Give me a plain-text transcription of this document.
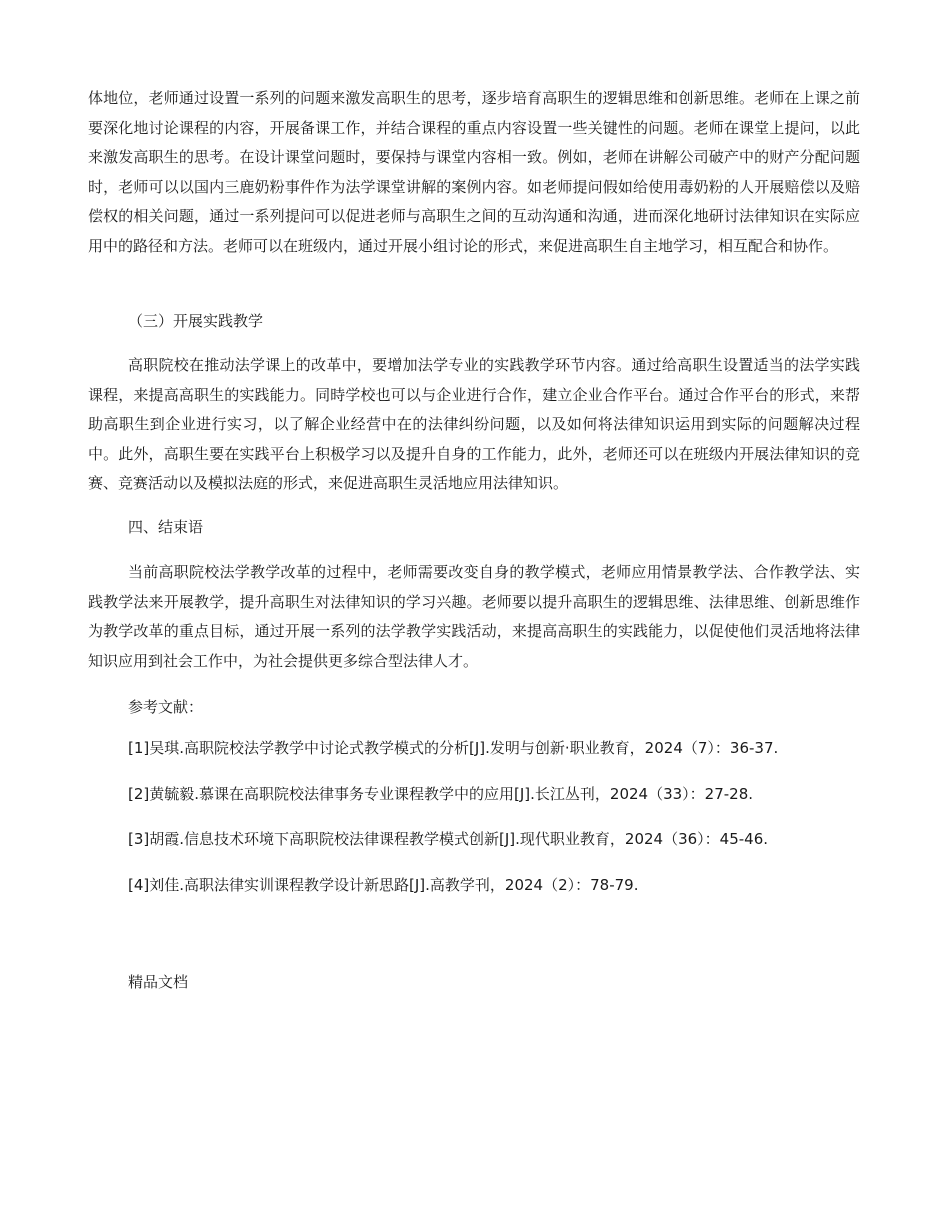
体地位，老师通过设置一系列的问题来激发高职生的思考，逐步培育高职生的逻辑思维和创新思维。老师在上课之前要深化地讨论课程的内容，开展备课工作，并结合课程的重点内容设置一些关键性的问题。老师在课堂上提问，以此来激发高职生的思考。在设计课堂问题时，要保持与课堂内容相一致。例如，老师在讲解公司破产中的财产分配问题时，老师可以以国内三鹿奶粉事件作为法学课堂讲解的案例内容。如老师提问假如给使用毒奶粉的人开展赔偿以及赔偿权的相关问题，通过一系列提问可以促进老师与高职生之间的互动沟通和沟通，进而深化地研讨法律知识在实际应用中的路径和方法。老师可以在班级内，通过开展小组讨论的形式，来促进高职生自主地学习，相互配合和协作。

（三）开展实践教学

高职院校在推动法学课上的改革中，要增加法学专业的实践教学环节内容。通过给高职生设置适当的法学实践课程，来提高高职生的实践能力。同時学校也可以与企业进行合作，建立企业合作平台。通过合作平台的形式，来帮助高职生到企业进行实习，以了解企业经营中在的法律纠纷问题，以及如何将法律知识运用到实际的问题解决过程中。此外，高职生要在实践平台上积极学习以及提升自身的工作能力，此外，老师还可以在班级内开展法律知识的竞赛、竞赛活动以及模拟法庭的形式，来促进高职生灵活地应用法律知识。

四、结束语

当前高职院校法学教学改革的过程中，老师需要改变自身的教学模式，老师应用情景教学法、合作教学法、实践教学法来开展教学，提升高职生对法律知识的学习兴趣。老师要以提升高职生的逻辑思维、法律思维、创新思维作为教学改革的重点目标，通过开展一系列的法学教学实践活动，来提高高职生的实践能力，以促使他们灵活地将法律知识应用到社会工作中，为社会提供更多综合型法律人才。

参考文献：

[1]吴琪.高职院校法学教学中讨论式教学模式的分析[J].发明与创新·职业教育，2024（7）：36-37.

[2]黄毓毅.慕课在高职院校法律事务专业课程教学中的应用[J].长江丛刊，2024（33）：27-28.

[3]胡霞.信息技术环境下高职院校法律课程教学模式创新[J].现代职业教育，2024（36）：45-46.

[4]刘佳.高职法律实训课程教学设计新思路[J].高教学刊，2024（2）：78-79.

精品文档
